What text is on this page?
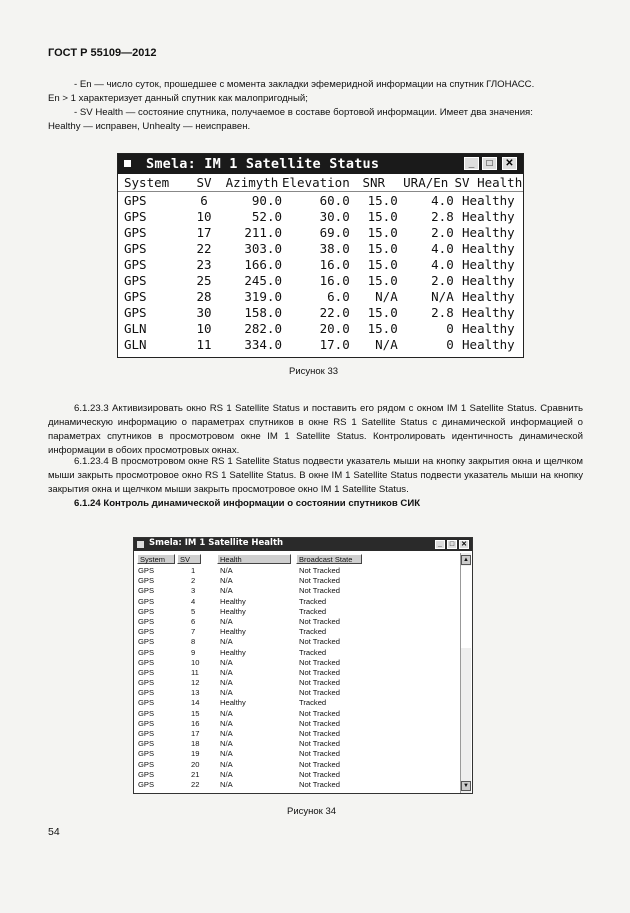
ГОСТ Р 55109—2012

- En — число суток, прошедшее с момента закладки эфемеридной информации на спутник ГЛОНАСС.

En > 1 характеризует данный спутник как малопригодный;

- SV Health — состояние спутника, получаемое в составе бортовой информации. Имеет два значения:

Healthy — исправен, Unhealty — неисправен.

Smela: IM 1 Satellite Status	_	□	✕
System	SV	Azimyth	Elevation	SNR	URA/En	SV Health
GPS	6	90.0	60.0	15.0	4.0	Healthy
GPS	10	52.0	30.0	15.0	2.8	Healthy
GPS	17	211.0	69.0	15.0	2.0	Healthy
GPS	22	303.0	38.0	15.0	4.0	Healthy
GPS	23	166.0	16.0	15.0	4.0	Healthy
GPS	25	245.0	16.0	15.0	2.0	Healthy
GPS	28	319.0	6.0	N/A	N/A	Healthy
GPS	30	158.0	22.0	15.0	2.8	Healthy
GLN	10	282.0	20.0	15.0	0	Healthy
GLN	11	334.0	17.0	N/A	0	Healthy
Рисунок 33

6.1.23.3 Активизировать окно RS 1 Satellite Status и поставить его рядом с окном IM 1 Satellite Status. Сравнить динамическую информацию о параметрах спутников в окне RS 1 Satellite Status с динамической информацией о параметрах спутников в просмотровом окне IM 1 Satellite Status. Контролировать идентичность динамической информации в обоих просмотровых окнах.

6.1.23.4 В просмотровом окне RS 1 Satellite Status подвести указатель мыши на кнопку закрытия окна и щелчком мыши закрыть просмотровое окно RS 1 Satellite Status. В окне IM 1 Satellite Status подвести указатель мыши на кнопку закрытия окна и щелчком мыши закрыть просмотровое окно IM 1 Satellite Status.

6.1.24 Контроль динамической информации о состоянии спутников СИК
Smela: IM 1 Satellite Health	_	□ ✕
System	SV	Health	Broadcast State
GPS	1	N/A	Not Tracked
GPS	2	N/A	Not Tracked
GPS	3	N/A	Not Tracked
GPS	4	Healthy	Tracked
GPS	5	Healthy	Tracked
GPS	6	N/A	Not Tracked
GPS	7	Healthy	Tracked
GPS	8	N/A	Not Tracked
GPS	9	Healthy	Tracked
GPS	10	N/A	Not Tracked
GPS	11	N/A	Not Tracked
GPS	12	N/A	Not Tracked
GPS	13	N/A	Not Tracked
GPS	14	Healthy	Tracked
GPS	15	N/A	Not Tracked
GPS	16	N/A	Not Tracked
GPS	17	N/A	Not Tracked
GPS	18	N/A	Not Tracked
GPS	19	N/A	Not Tracked
GPS	20	N/A	Not Tracked
GPS	21	N/A	Not Tracked
GPS	22	N/A	Not Tracked
▲
▼
Рисунок 34
54
